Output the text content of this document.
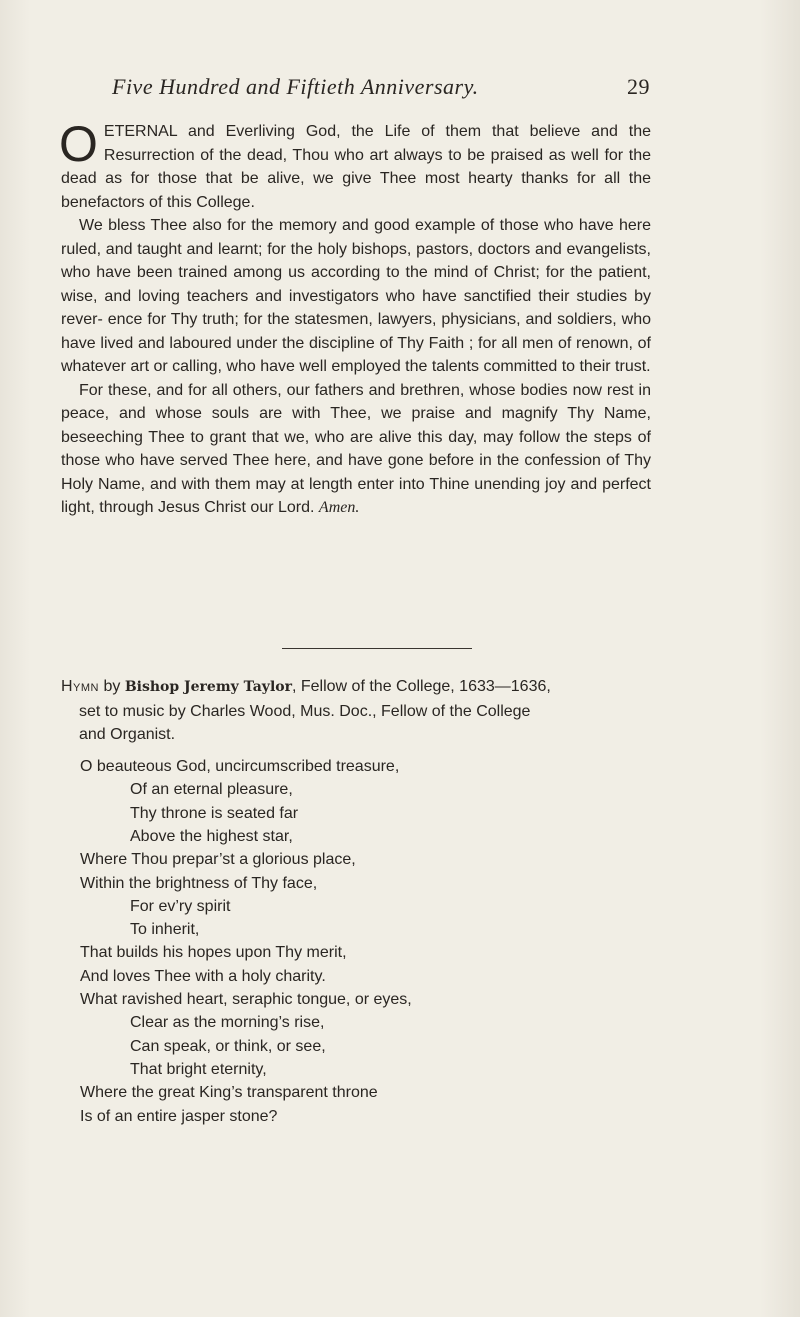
Five Hundred and Fiftieth Anniversary.	29

OETERNAL and Everliving God, the Life of them that believe and the Resurrection of the dead, Thou who art always to be praised as well for the dead as for those that be alive, we give Thee most hearty thanks for all the benefactors of this College.

We bless Thee also for the memory and good example of those who have here ruled, and taught and learnt; for the holy bishops, pastors, doctors and evangelists, who have been trained among us according to the mind of Christ; for the patient, wise, and loving teachers and investigators who have sanctified their studies by rever- ence for Thy truth; for the statesmen, lawyers, physicians, and soldiers, who have lived and laboured under the discipline of Thy Faith ; for all men of renown, of whatever art or calling, who have well employed the talents committed to their trust.

For these, and for all others, our fathers and brethren, whose bodies now rest in peace, and whose souls are with Thee, we praise and magnify Thy Name, beseeching Thee to grant that we, who are alive this day, may follow the steps of those who have served Thee here, and have gone before in the confession of Thy Holy Name, and with them may at length enter into Thine unending joy and perfect light, through Jesus Christ our Lord. Amen.

Hymn by Bishop Jeremy Taylor, Fellow of the College, 1633—1636,
set to music by Charles Wood, Mus. Doc., Fellow of the College
and Organist.
O beauteous God, uncircumscribed treasure,
Of an eternal pleasure,
Thy throne is seated far
Above the highest star,
Where Thou prepar’st a glorious place,
Within the brightness of Thy face,
For ev’ry spirit
To inherit,
That builds his hopes upon Thy merit,
And loves Thee with a holy charity.
What ravished heart, seraphic tongue, or eyes,
Clear as the morning’s rise,
Can speak, or think, or see,
That bright eternity,
Where the great King’s transparent throne
Is of an entire jasper stone?
